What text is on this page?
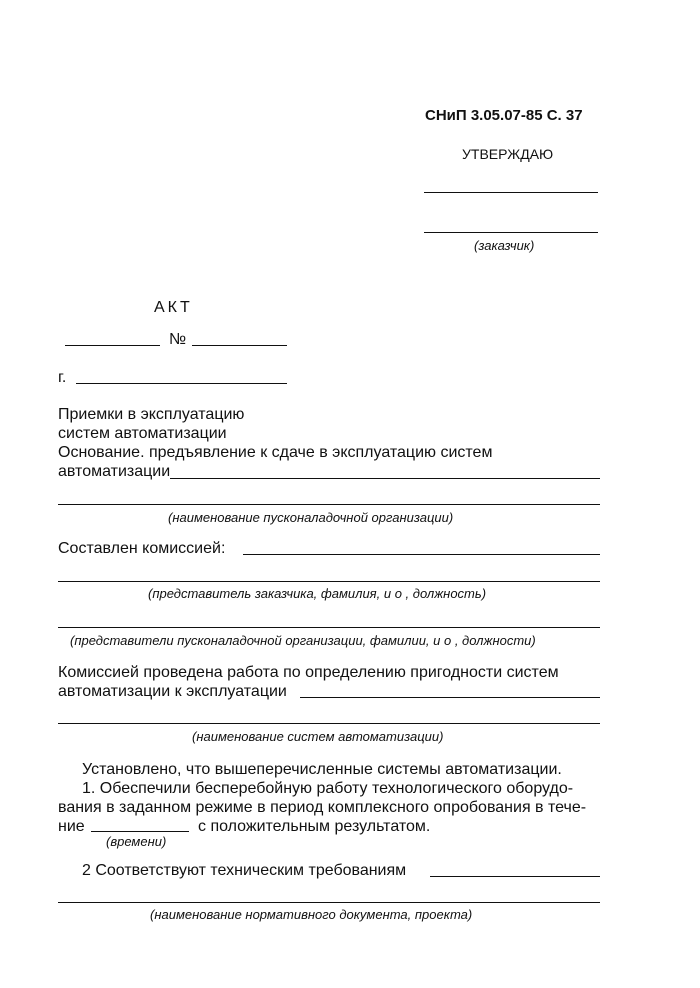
СНиП 3.05.07-85 С. 37
УТВЕРЖДАЮ
(заказчик)
АКТ
№
г.
Приемки в эксплуатацию
систем автоматизации
Основание. предъявление к сдаче в эксплуатацию систем
автоматизации
(наименование пусконаладочной организации)
Составлен комиссией:
(представитель заказчика, фамилия, и о , должность)
(представители пусконаладочной организации, фамилии, и о , должности)
Комиссией проведена работа по определению пригодности систем
автоматизации к эксплуатации
(наименование систем автоматизации)
Установлено, что вышеперечисленные системы автоматизации.
1. Обеспечили бесперебойную работу технологического оборудо-
вания в заданном режиме в период комплексного опробования в тече-
ние	с положительным результатом.
(времени)
2 Соответствуют техническим требованиям
(наименование нормативного документа, проекта)
